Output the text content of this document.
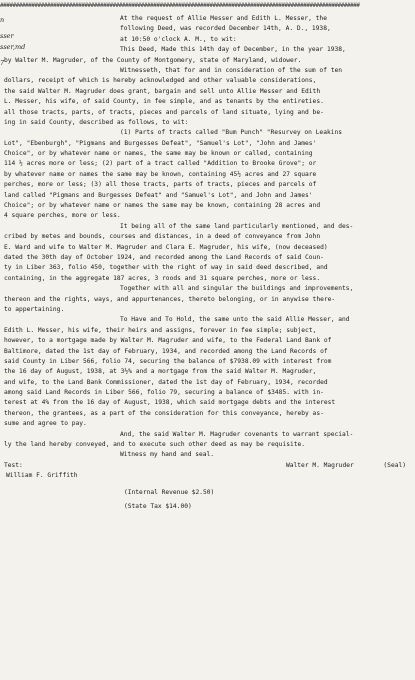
###################################################################################################################
n
sser
sser,md
7
At the request of Allie Messer and Edith L. Messer, the
following Deed, was recorded December 14th, A. D., 1938,
at 10:50 o'clock A. M., to wit:
This Deed, Made this 14th day of December, in the year 1938,
by Walter M. Magruder, of the County of Montgomery, state of Maryland, widower.
Witnesseth, that for and in consideration of the sum of ten
dollars, receipt of which is hereby acknowledged and other valuable considerations,
the said Walter M. Magruder does grant, bargain and sell unto Allie Messer and Edith
L. Messer, his wife, of said County, in fee simple, and as tenants by the entireties.
all those tracts, parts, of tracts, pieces and parcels of land situate, lying and be-
ing in said County, described as follows, to wit:
(1) Parts of tracts called "Bum Punch" "Resurvey on Leakins
Lot", "Ebenburgh", "Pigmans and Burgesses Defeat", "Samuel's Lot", "John and James'
Choice", or by whatever name or names, the same may be known or called, containing
114 ½ acres more or less; (2) part of a tract called "Addition to Brooke Grove"; or
by whatever name or names the same may be known, containing 45½ acres and 27 square
perches, more or less; (3) all those tracts, parts of tracts, pieces and parcels of
land called "Pigmans and Burgesses Defeat" and "Samuel's Lot", and John and James'
Choice"; or by whatever name or names the same may be known, containing 28 acres and
4 square perches, more or less.
It being all of the same land particularly mentioned, and des-
cribed by metes and bounds, courses and distances, in a deed of conveyance from John
E. Ward and wife to Walter M. Magruder and Clara E. Magruder, his wife, (now deceased)
dated the 30th day of October 1924, and recorded among the Land Records of said Coun-
ty in Liber 363, folio 450, together with the right of way in said deed described, and
containing, in the aggregate 187 acres, 3 roods and 31 square perches, more or less.
Together with all and singular the buildings and improvements,
thereon and the rights, ways, and appurtenances, thereto belonging, or in anywise there-
to appertaining.
To Have and To Hold, the same unto the said Allie Messer, and
Edith L. Messer, his wife, their heirs and assigns, forever in fee simple; subject,
however, to a mortgage made by Walter M. Magruder and wife, to the Federal Land Bank of
Baltimore, dated the 1st day of February, 1934, and recorded among the Land Records of
said County in Liber 566, folio 74, securing the balance of $7938.09 with interest from
the 16 day of August, 1938, at 3½% and a mortgage from the said Walter M. Magruder,
and wife, to the Land Bank Commissioner, dated the 1st day of February, 1934, recorded
among said Land Records in Liber 566, folio 79, securing a balance of $3485. with in-
terest at 4% from the 16 day of August, 1938, which said mortgage debts and the interest
thereon, the grantees, as a part of the consideration for this conveyance, hereby as-
sume and agree to pay.
And, the said Walter M. Magruder covenants to warrant special-
ly the land hereby conveyed, and to execute such other deed as may be requisite.
Witness my hand and seal.
Test:	Walter M. Magruder	(Seal)
William F. Griffith
(Internal Revenue $2.50)
(State Tax $14.00)
